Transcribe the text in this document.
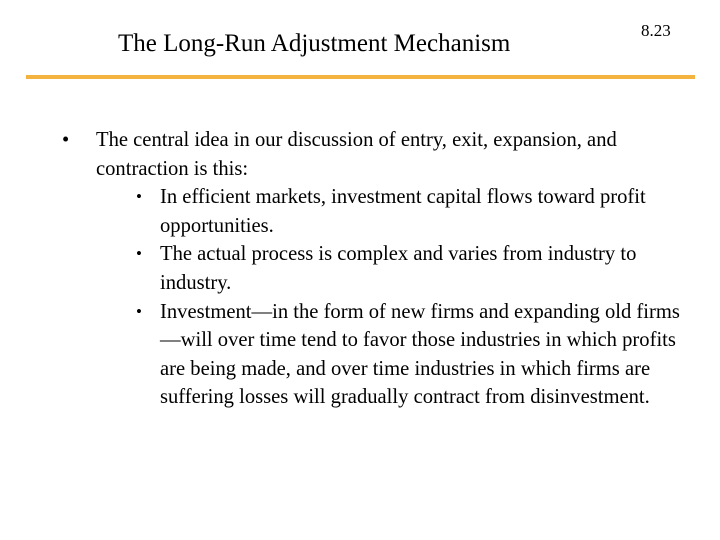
The Long-Run Adjustment Mechanism	8.23
•	The central idea in our discussion of entry, exit, expansion, and contraction is this:
• In efficient markets, investment capital flows toward profit opportunities.
• The actual process is complex and varies from industry to industry.
• Investment—in the form of new firms and expanding old firms—will over time tend to favor those industries in which profits are being made, and over time industries in which firms are suffering losses will gradually contract from disinvestment.
